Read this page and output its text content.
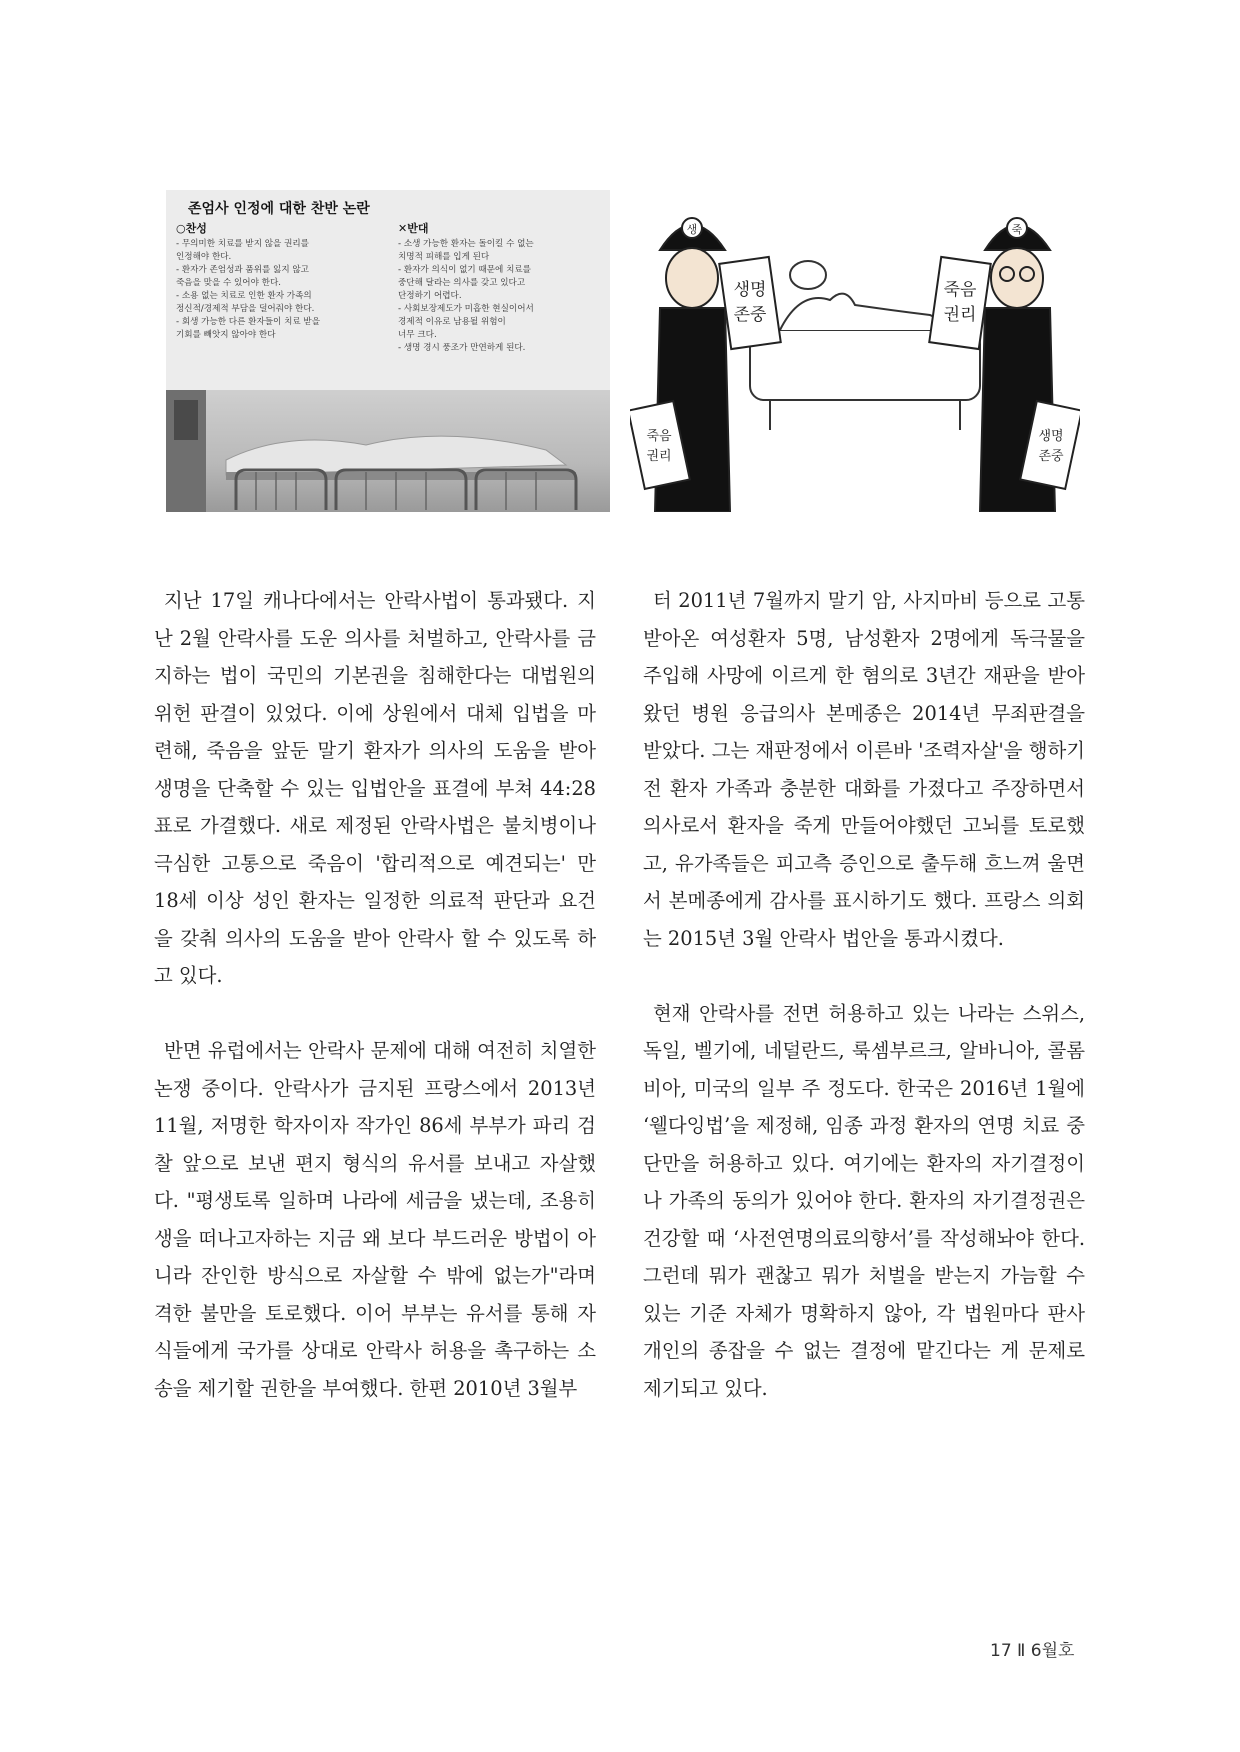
존엄사 인정에 대한 찬반 논란
○찬성
- 무의미한 치료를 받지 않을 권리를
인정해야 한다.
- 환자가 존엄성과 품위를 잃지 않고
죽음을 맞을 수 있어야 한다.
- 소용 없는 치료로 인한 환자 가족의
정신적/경제적 부담을 덜어줘야 한다.
- 회생 가능한 다른 환자들이 치료 받을
기회를 빼앗지 않아야 한다
✕반대
- 소생 가능한 환자는 돌이킬 수 없는
치명적 피해를 입게 된다
- 환자가 의식이 없기 때문에 치료를
중단해 달라는 의사를 갖고 있다고
단정하기 어렵다.
- 사회보장제도가 미흡한 현실이어서
경제적 이유로 남용될 위험이
너무 크다.
- 생명 경시 풍조가 만연하게 된다.
생명
존중
생
죽음
권리
죽음
권리
죽
생명
존중

지난 17일 캐나다에서는 안락사법이 통과됐다. 지난 2월 안락사를 도운 의사를 처벌하고, 안락사를 금지하는 법이 국민의 기본권을 침해한다는 대법원의 위헌 판결이 있었다. 이에 상원에서 대체 입법을 마련해, 죽음을 앞둔 말기 환자가 의사의 도움을 받아 생명을 단축할 수 있는 입법안을 표결에 부쳐 44:28 표로 가결했다. 새로 제정된 안락사법은 불치병이나 극심한 고통으로 죽음이 '합리적으로 예견되는' 만 18세 이상 성인 환자는 일정한 의료적 판단과 요건을 갖춰 의사의 도움을 받아 안락사 할 수 있도록 하고 있다.

반면 유럽에서는 안락사 문제에 대해 여전히 치열한 논쟁 중이다. 안락사가 금지된 프랑스에서 2013년 11월, 저명한 학자이자 작가인 86세 부부가 파리 검찰 앞으로 보낸 편지 형식의 유서를 보내고 자살했다. "평생토록 일하며 나라에 세금을 냈는데, 조용히 생을 떠나고자하는 지금 왜 보다 부드러운 방법이 아니라 잔인한 방식으로 자살할 수 밖에 없는가"라며 격한 불만을 토로했다. 이어 부부는 유서를 통해 자식들에게 국가를 상대로 안락사 허용을 촉구하는 소송을 제기할 권한을 부여했다. 한편 2010년 3월부

터 2011년 7월까지 말기 암, 사지마비 등으로 고통받아온 여성환자 5명, 남성환자 2명에게 독극물을 주입해 사망에 이르게 한 혐의로 3년간 재판을 받아왔던 병원 응급의사 본메종은 2014년 무죄판결을 받았다. 그는 재판정에서 이른바 '조력자살'을 행하기 전 환자 가족과 충분한 대화를 가졌다고 주장하면서 의사로서 환자을 죽게 만들어야했던 고뇌를 토로했고, 유가족들은 피고측 증인으로 출두해 흐느껴 울면서 본메종에게 감사를 표시하기도 했다. 프랑스 의회는 2015년 3월 안락사 법안을 통과시켰다.

현재 안락사를 전면 허용하고 있는 나라는 스위스, 독일, 벨기에, 네덜란드, 룩셈부르크, 알바니아, 콜롬비아, 미국의 일부 주 정도다. 한국은 2016년 1월에 ‘웰다잉법’을 제정해, 임종 과정 환자의 연명 치료 중단만을 허용하고 있다. 여기에는 환자의 자기결정이나 가족의 동의가 있어야 한다. 환자의 자기결정권은 건강할 때 ‘사전연명의료의향서’를 작성해놔야 한다. 그런데 뭐가 괜찮고 뭐가 처벌을 받는지 가늠할 수 있는 기준 자체가 명확하지 않아, 각 법원마다 판사 개인의 종잡을 수 없는 결정에 맡긴다는 게 문제로 제기되고 있다.

17 Ⅱ 6월호
